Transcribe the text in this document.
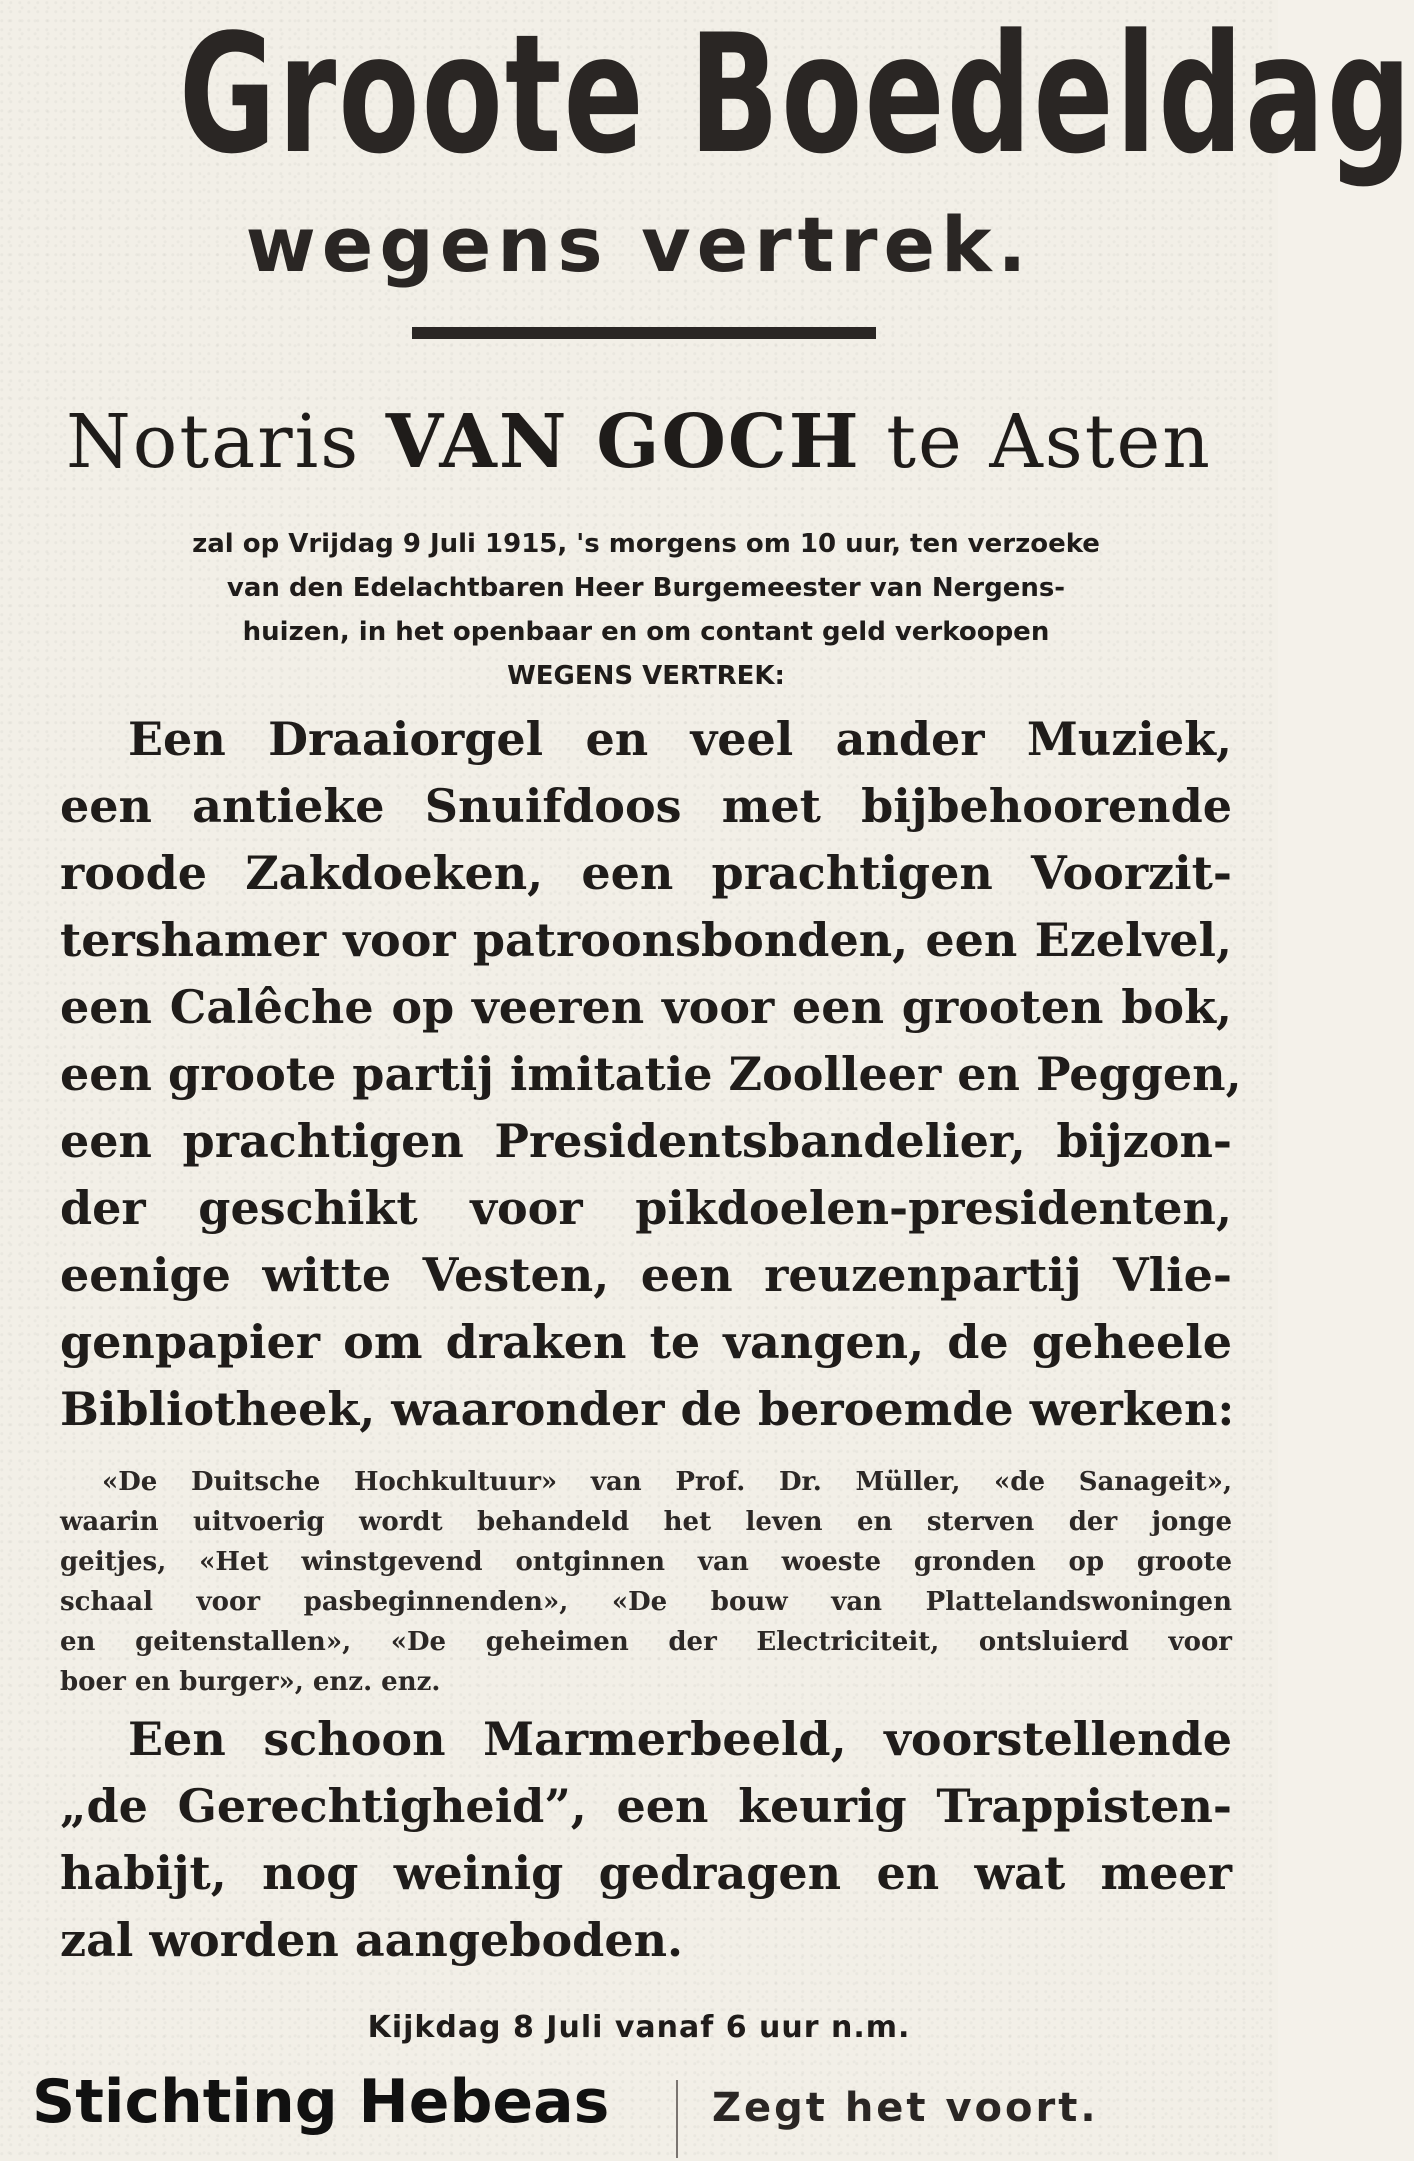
Groote Boedeldag
wegens vertrek.
Notaris VAN GOCH te Asten
zal op Vrijdag 9 Juli 1915, 's morgens om 10 uur, ten verzoeke
van den Edelachtbaren Heer Burgemeester van Nergens-
huizen, in het openbaar en om contant geld verkoopen
WEGENS VERTREK:
Een Draaiorgel en veel ander Muziek,
een antieke Snuifdoos met bijbehoorende
roode Zakdoeken, een prachtigen Voorzit-
tershamer voor patroonsbonden, een Ezelvel,
een Calêche op veeren voor een grooten bok,
een groote partij imitatie Zoolleer en Peggen,
een prachtigen Presidentsbandelier, bijzon-
der geschikt voor pikdoelen-presidenten,
eenige witte Vesten, een reuzenpartij Vlie-
genpapier om draken te vangen, de geheele
Bibliotheek, waaronder de beroemde werken:
«De Duitsche Hochkultuur» van Prof. Dr. Müller, «de Sanageit»,
waarin uitvoerig wordt behandeld het leven en sterven der jonge
geitjes, «Het winstgevend ontginnen van woeste gronden op groote
schaal voor pasbeginnenden», «De bouw van Plattelandswoningen
en geitenstallen», «De geheimen der Electriciteit, ontsluierd voor
boer en burger», enz. enz.
Een schoon Marmerbeeld, voorstellende
„de Gerechtigheid”, een keurig Trappisten-
habijt, nog weinig gedragen en wat meer
zal worden aangeboden.
Kijkdag 8 Juli vanaf 6 uur n.m.
Stichting Hebeas	Zegt het voort.
